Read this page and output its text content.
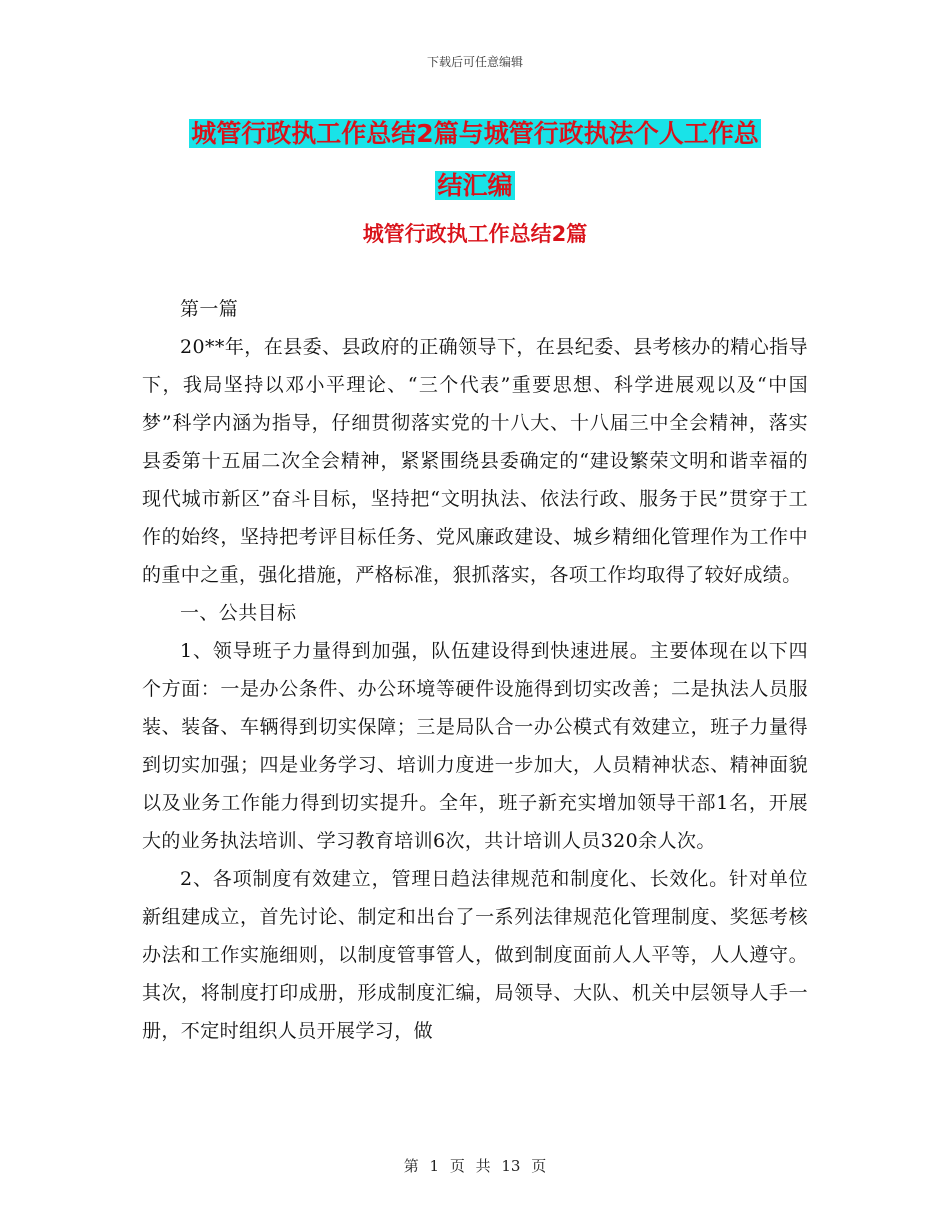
下载后可任意编辑
城管行政执工作总结2篇与城管行政执法个人工作总
结汇编
城管行政执工作总结2篇

第一篇

20**年，在县委、县政府的正确领导下，在县纪委、县考核办的精心指导下，我局坚持以邓小平理论、“三个代表”重要思想、科学进展观以及“中国梦”科学内涵为指导，仔细贯彻落实党的十八大、十八届三中全会精神，落实县委第十五届二次全会精神，紧紧围绕县委确定的“建设繁荣文明和谐幸福的现代城市新区”奋斗目标，坚持把“文明执法、依法行政、服务于民”贯穿于工作的始终，坚持把考评目标任务、党风廉政建设、城乡精细化管理作为工作中的重中之重，强化措施，严格标准，狠抓落实，各项工作均取得了较好成绩。

一、公共目标

1、领导班子力量得到加强，队伍建设得到快速进展。主要体现在以下四个方面：一是办公条件、办公环境等硬件设施得到切实改善；二是执法人员服装、装备、车辆得到切实保障；三是局队合一办公模式有效建立，班子力量得到切实加强；四是业务学习、培训力度进一步加大，人员精神状态、精神面貌以及业务工作能力得到切实提升。全年，班子新充实增加领导干部1名，开展大的业务执法培训、学习教育培训6次，共计培训人员320余人次。

2、各项制度有效建立，管理日趋法律规范和制度化、长效化。针对单位新组建成立，首先讨论、制定和出台了一系列法律规范化管理制度、奖惩考核办法和工作实施细则，以制度管事管人，做到制度面前人人平等，人人遵守。其次，将制度打印成册，形成制度汇编，局领导、大队、机关中层领导人手一册，不定时组织人员开展学习，做

第 1 页 共 13 页
